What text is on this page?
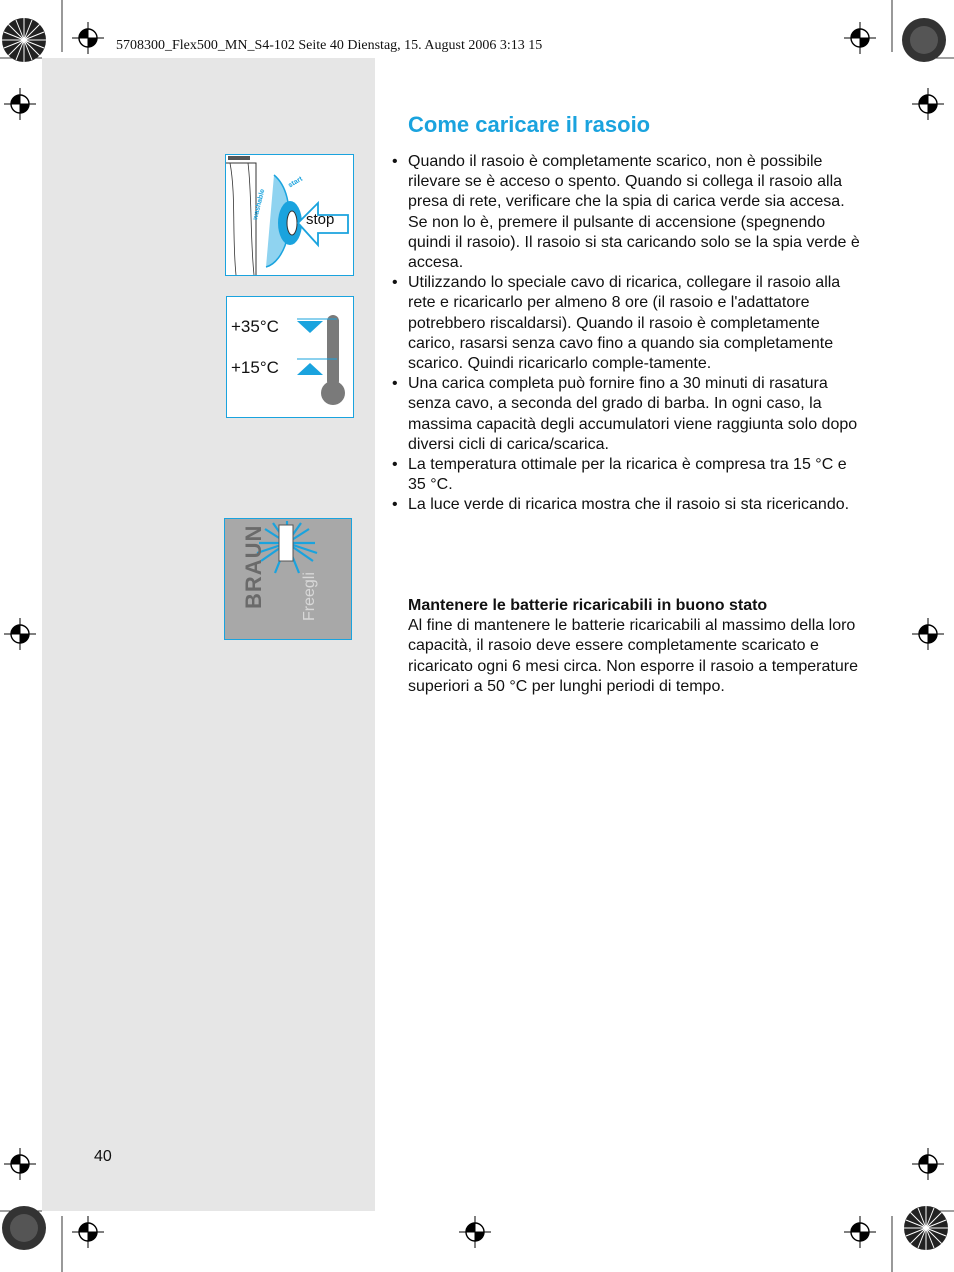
5708300_Flex500_MN_S4-102 Seite 40 Dienstag, 15. August 2006 3:13 15
Come caricare il rasoio
• Quando il rasoio è completamente scarico, non è possibile rilevare se è acceso o spento. Quando si collega il rasoio alla presa di rete, verificare che la spia di carica verde sia accesa. Se non lo è, premere il pulsante di accensione (spegnendo quindi il rasoio). Il rasoio si sta caricando solo se la spia verde è accesa.
• Utilizzando lo speciale cavo di ricarica, collegare il rasoio alla rete e ricaricarlo per almeno 8 ore (il rasoio e l'adattatore potrebbero riscaldarsi). Quando il rasoio è completamente carico, rasarsi senza cavo fino a quando sia completamente scarico. Quindi ricaricarlo comple-tamente.
• Una carica completa può fornire fino a 30 minuti di rasatura senza cavo, a seconda del grado di barba. In ogni caso, la massima capacità degli accumulatori viene raggiunta solo dopo diversi cicli di carica/scarica.
• La temperatura ottimale per la ricarica è compresa tra 15 °C e 35 °C.
• La luce verde di ricarica mostra che il rasoio si sta ricericando.
Mantenere le batterie ricaricabili in buono stato
Al fine di mantenere le batterie ricaricabili al massimo della loro capacità, il rasoio deve essere completamente scaricato e ricaricato ogni 6 mesi circa. Non esporre il rasoio a temperature superiori a 50 °C per lunghi periodi di tempo.
washable
start
stop
+35°C
+15°C
BRAUN Freegli
40
